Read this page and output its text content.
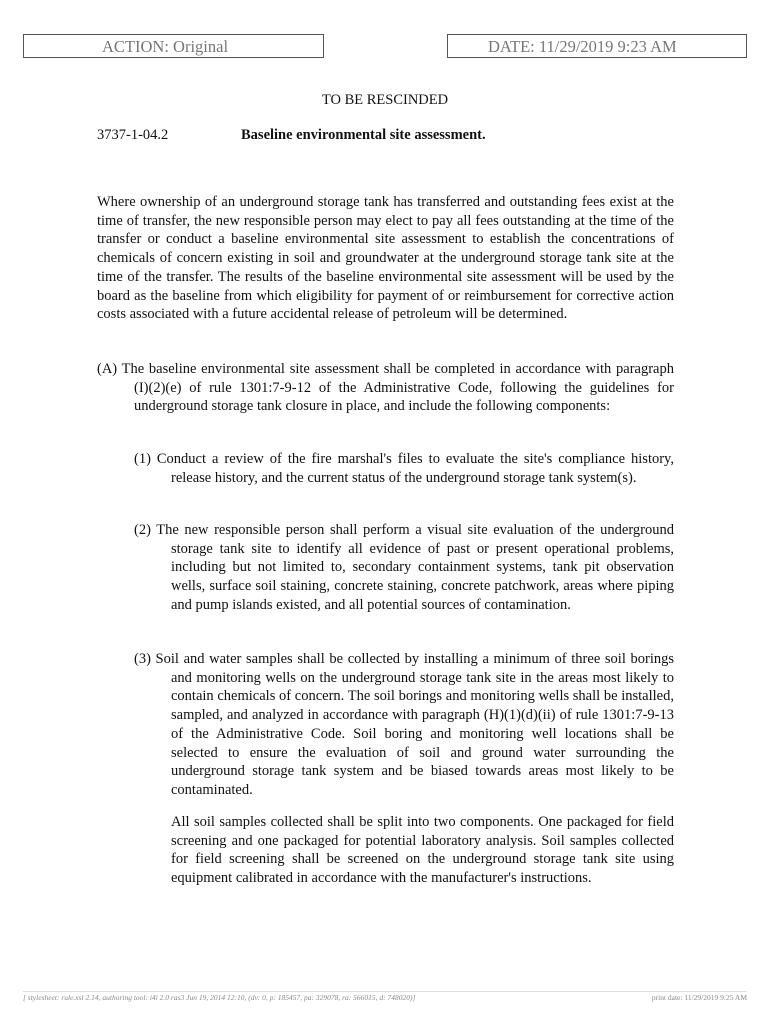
ACTION: Original	DATE: 11/29/2019 9:23 AM
TO BE RESCINDED
3737-1-04.2	Baseline environmental site assessment.

Where ownership of an underground storage tank has transferred and outstanding fees exist at the time of transfer, the new responsible person may elect to pay all fees outstanding at the time of the transfer or conduct a baseline environmental site assessment to establish the concentrations of chemicals of concern existing in soil and groundwater at the underground storage tank site at the time of the transfer. The results of the baseline environmental site assessment will be used by the board as the baseline from which eligibility for payment of or reimbursement for corrective action costs associated with a future accidental release of petroleum will be determined.

(A) The baseline environmental site assessment shall be completed in accordance with paragraph (I)(2)(e) of rule 1301:7-9-12 of the Administrative Code, following the guidelines for underground storage tank closure in place, and include the following components:

(1) Conduct a review of the fire marshal's files to evaluate the site's compliance history, release history, and the current status of the underground storage tank system(s).

(2) The new responsible person shall perform a visual site evaluation of the underground storage tank site to identify all evidence of past or present operational problems, including but not limited to, secondary containment systems, tank pit observation wells, surface soil staining, concrete staining, concrete patchwork, areas where piping and pump islands existed, and all potential sources of contamination.

(3) Soil and water samples shall be collected by installing a minimum of three soil borings and monitoring wells on the underground storage tank site in the areas most likely to contain chemicals of concern. The soil borings and monitoring wells shall be installed, sampled, and analyzed in accordance with paragraph (H)(1)(d)(ii) of rule 1301:7-9-13 of the Administrative Code. Soil boring and monitoring well locations shall be selected to ensure the evaluation of soil and ground water surrounding the underground storage tank system and be biased towards areas most likely to be contaminated.

All soil samples collected shall be split into two components. One packaged for field screening and one packaged for potential laboratory analysis. Soil samples collected for field screening shall be screened on the underground storage tank site using equipment calibrated in accordance with the manufacturer's instructions.

[ stylesheet: rule.xsl 2.14, authoring tool: i4i 2.0 ras3 Jun 19, 2014 12:10, (dv: 0, p: 185457, pa: 329078, ra: 566015, d: 748020)]	print date: 11/29/2019 9:25 AM
